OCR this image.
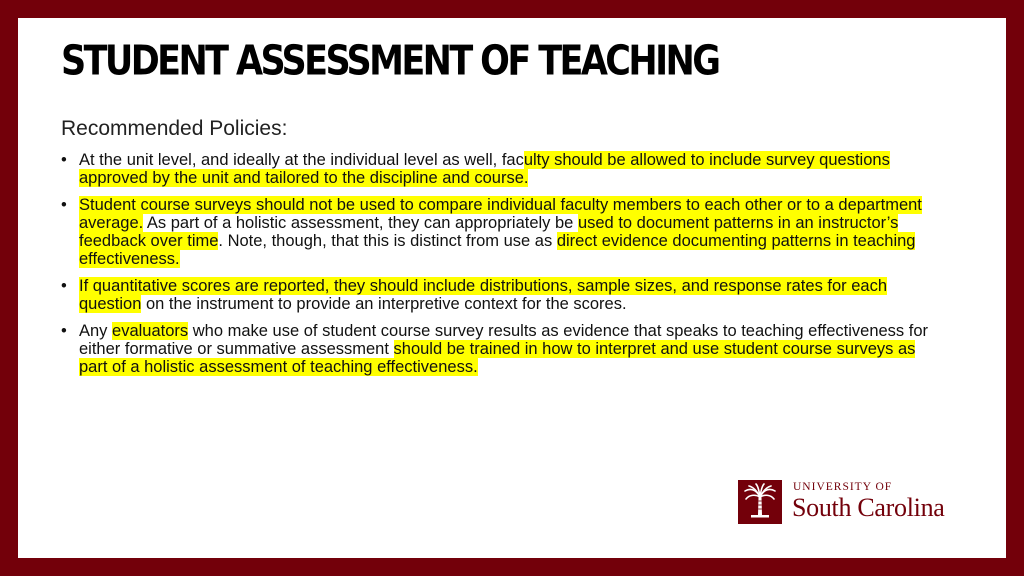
STUDENT ASSESSMENT OF TEACHING
Recommended Policies:
• At the unit level, and ideally at the individual level as well, faculty should be allowed to include survey questions approved by the unit and tailored to the discipline and course.
• Student course surveys should not be used to compare individual faculty members to each other or to a department average. As part of a holistic assessment, they can appropriately be used to document patterns in an instructor’s feedback over time. Note, though, that this is distinct from use as direct evidence documenting patterns in teaching effectiveness.
• If quantitative scores are reported, they should include distributions, sample sizes, and response rates for each question on the instrument to provide an interpretive context for the scores.
• Any evaluators who make use of student course survey results as evidence that speaks to teaching effectiveness for either formative or summative assessment should be trained in how to interpret and use student course surveys as part of a holistic assessment of teaching effectiveness.
UNIVERSITY OF
South Carolina
